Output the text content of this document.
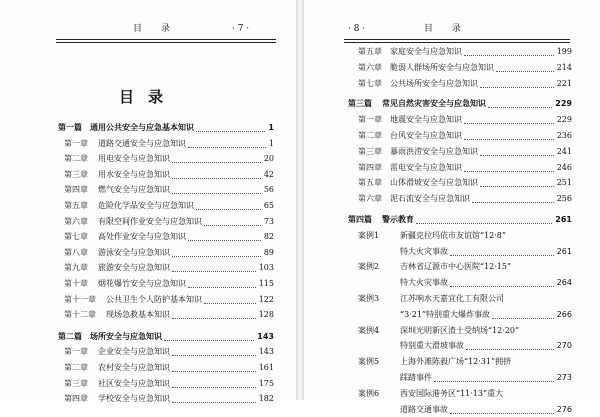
目 录	· 7 ·
目录
第一篇 通用公共安全与应急基本知识	1
第一章 道路交通安全与应急知识	1
第二章 用电安全与应急知识	20
第三章 用水安全与应急知识	42
第四章 燃气安全与应急知识	56
第五章 危险化学品安全与应急知识	65
第六章 有限空间作业安全与应急知识	73
第七章 高处作业安全与应急知识	82
第八章 游泳安全与应急知识	89
第九章 旅游安全与应急知识	103
第十章 烟花爆竹安全与应急知识	115
第十一章 公共卫生个人防护基本知识	122
第十二章 现场急救基本知识	128
第二篇 场所安全与应急知识	143
第一章 企业安全与应急知识	143
第二章 农村安全与应急知识	161
第三章 社区安全与应急知识	175
第四章 学校安全与应急知识	182
· 8 ·	目 录
第五章 家庭安全与应急知识	199
第六章 脆弱人群场所安全与应急知识	214
第七章 公共场所安全与应急知识	221
第三篇 常见自然灾害安全与应急知识	229
第一章 地震安全与应急知识	229
第二章 台风安全与应急知识	236
第三章 暴雨洪涝安全与应急知识	241
第四章 雷电安全与应急知识	246
第五章 山体滑坡安全与应急知识	251
第六章 泥石流安全与应急知识	256
第四篇 警示教育	261
案例1	新疆克拉玛依市友谊馆“12·8”
特大火灾事故	261
案例2	吉林省辽源市中心医院“12·15”
特大火灾事故	264
案例3	江苏响水天嘉宜化工有限公司
“3·21”特别重大爆炸事故	266
案例4	深圳光明新区渣土受纳场“12·20”
特别重大滑坡事故	270
案例5	上海外滩陈毅广场“12·31”拥挤
踩踏事件	273
案例6	西安国际港务区“11·13”重大
道路交通事故	276
